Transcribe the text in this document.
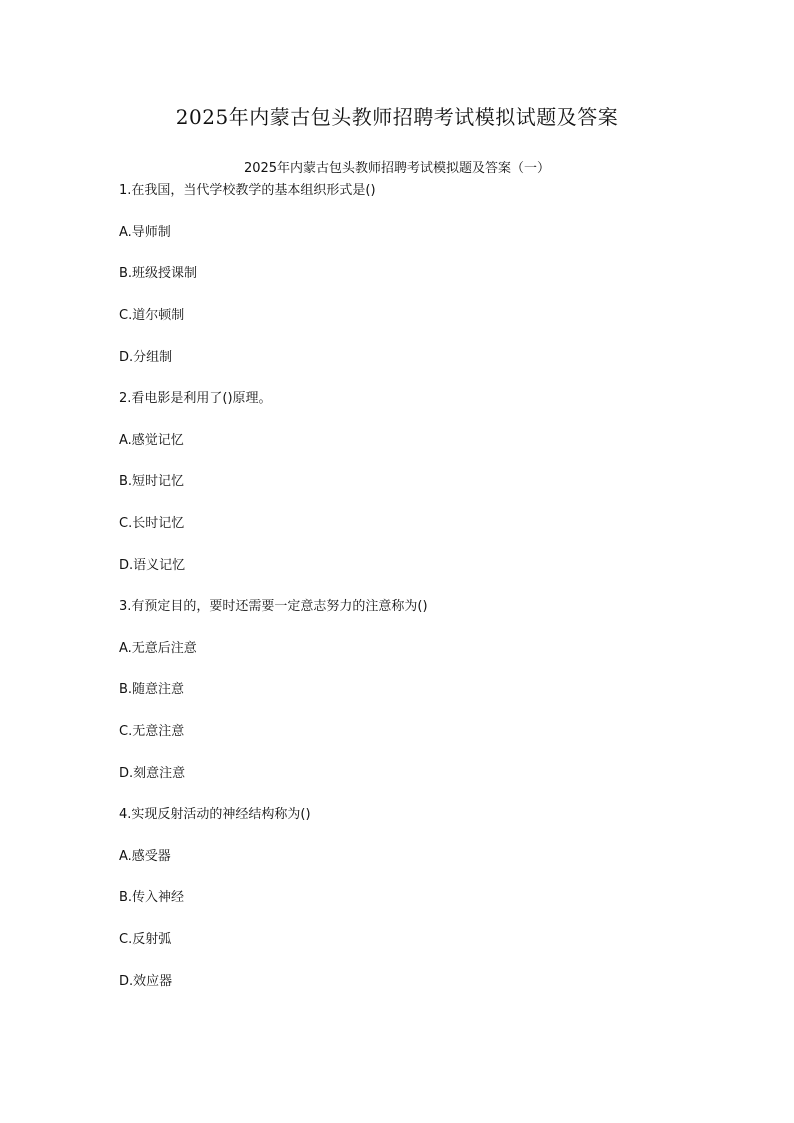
2025年内蒙古包头教师招聘考试模拟试题及答案
2025年内蒙古包头教师招聘考试模拟题及答案（一）
1.在我国，当代学校教学的基本组织形式是()
A.导师制
B.班级授课制
C.道尔顿制
D.分组制
2.看电影是利用了()原理。
A.感觉记忆
B.短时记忆
C.长时记忆
D.语义记忆
3.有预定目的，要时还需要一定意志努力的注意称为()
A.无意后注意
B.随意注意
C.无意注意
D.刻意注意
4.实现反射活动的神经结构称为()
A.感受器
B.传入神经
C.反射弧
D.效应器
